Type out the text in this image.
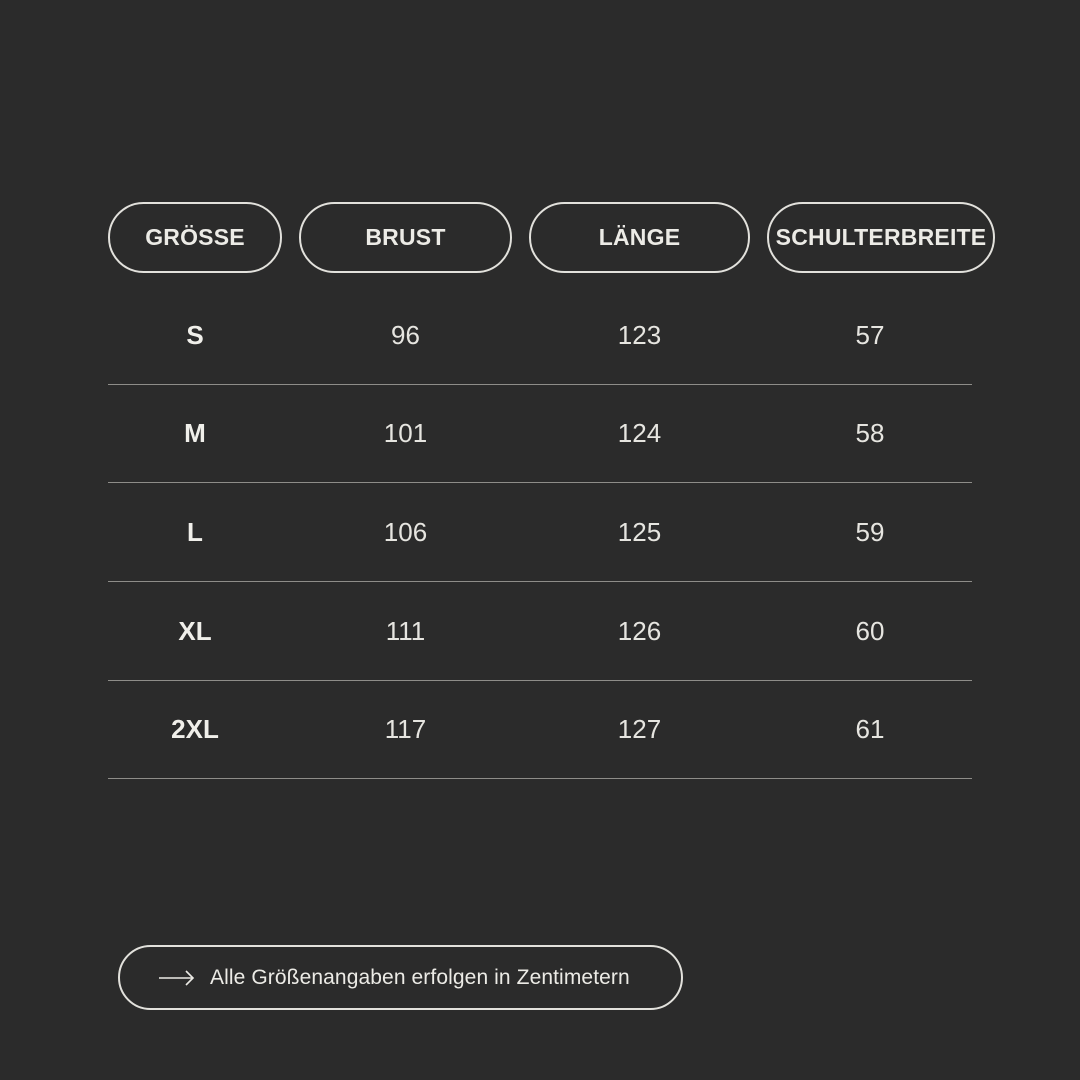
GRÖSSE	BRUST	LÄNGE	SCHULTERBREITE
S	96	123	57
M	101	124	58
L	106	125	59
XL	111	126	60
2XL	117	127	61
Alle Größenangaben erfolgen in Zentimetern
